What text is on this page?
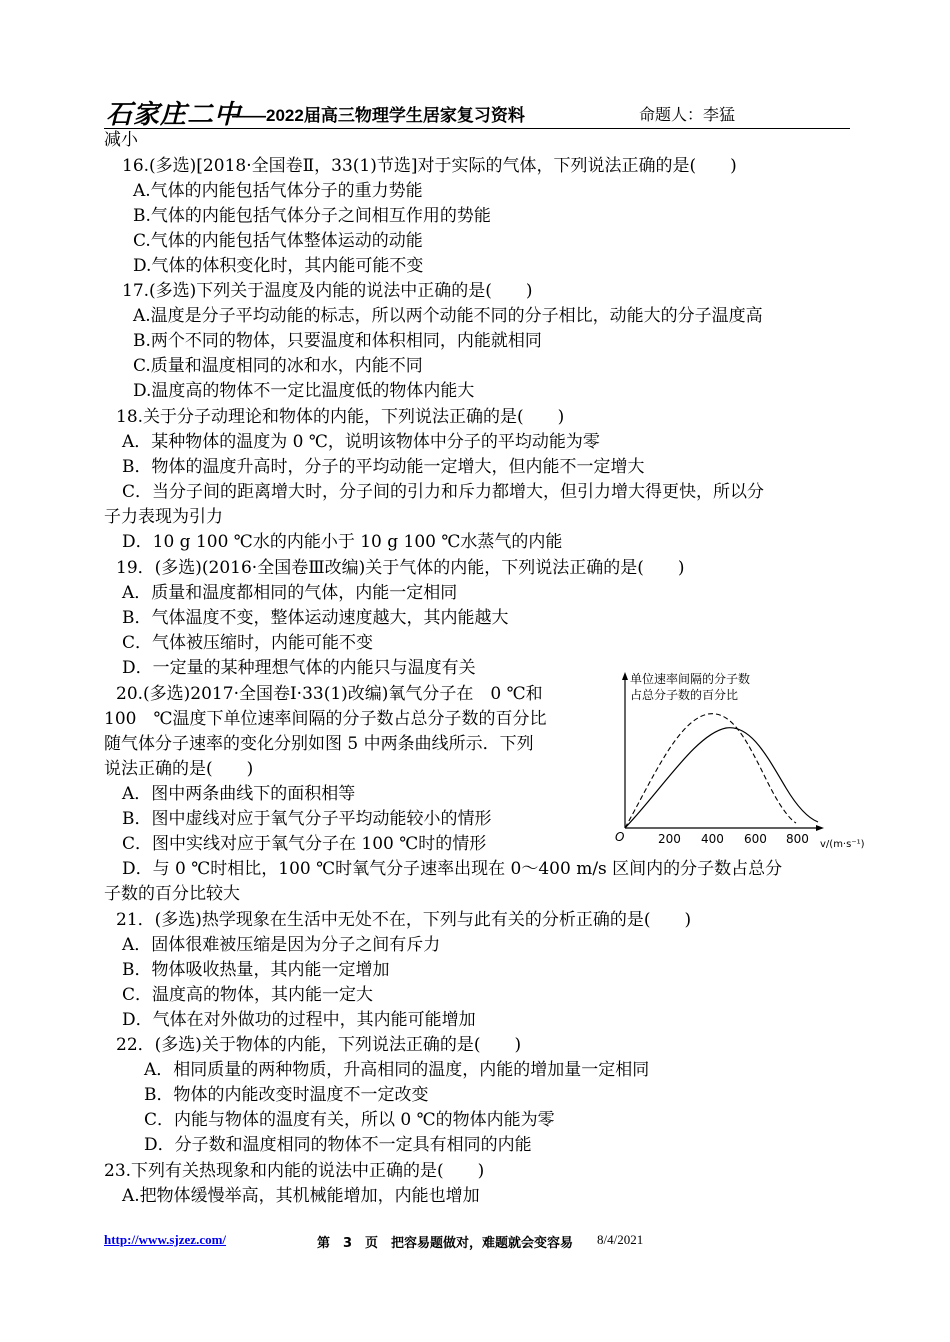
石家庄二中
——2022届高三物理学生居家复习资料	命题人：李猛
减小
16.(多选)[2018·全国卷Ⅱ，33(1)节选]对于实际的气体，下列说法正确的是(　　)
A.气体的内能包括气体分子的重力势能
B.气体的内能包括气体分子之间相互作用的势能
C.气体的内能包括气体整体运动的动能
D.气体的体积变化时，其内能可能不变
17.(多选)下列关于温度及内能的说法中正确的是(　　)
A.温度是分子平均动能的标志，所以两个动能不同的分子相比，动能大的分子温度高
B.两个不同的物体，只要温度和体积相同，内能就相同
C.质量和温度相同的冰和水，内能不同
D.温度高的物体不一定比温度低的物体内能大
18.关于分子动理论和物体的内能，下列说法正确的是(　　)
A．某种物体的温度为 0 ℃，说明该物体中分子的平均动能为零
B．物体的温度升高时，分子的平均动能一定增大，但内能不一定增大
C．当分子间的距离增大时，分子间的引力和斥力都增大，但引力增大得更快，所以分
子力表现为引力
D．10 g 100 ℃水的内能小于 10 g 100 ℃水蒸气的内能
19．(多选)(2016·全国卷Ⅲ改编)关于气体的内能，下列说法正确的是(　　)
A．质量和温度都相同的气体，内能一定相同
B．气体温度不变，整体运动速度越大，其内能越大
C．气体被压缩时，内能可能不变
D．一定量的某种理想气体的内能只与温度有关
20.(多选)2017·全国卷Ⅰ·33(1)改编)氧气分子在　0 ℃和
100　℃温度下单位速率间隔的分子数占总分子数的百分比
随气体分子速率的变化分别如图 5 中两条曲线所示．下列
说法正确的是(　　)
A．图中两条曲线下的面积相等
B．图中虚线对应于氧气分子平均动能较小的情形
C．图中实线对应于氧气分子在 100 ℃时的情形
D．与 0 ℃时相比，100 ℃时氧气分子速率出现在 0～400 m/s 区间内的分子数占总分
子数的百分比较大
21．(多选)热学现象在生活中无处不在，下列与此有关的分析正确的是(　　)
A．固体很难被压缩是因为分子之间有斥力
B．物体吸收热量，其内能一定增加
C．温度高的物体，其内能一定大
D．气体在对外做功的过程中，其内能可能增加
22．(多选)关于物体的内能，下列说法正确的是(　　)
A．相同质量的两种物质，升高相同的温度，内能的增加量一定相同
B．物体的内能改变时温度不一定改变
C．内能与物体的温度有关，所以 0 ℃的物体内能为零
D．分子数和温度相同的物体不一定具有相同的内能
23.下列有关热现象和内能的说法中正确的是(　　)
A.把物体缓慢举高，其机械能增加，内能也增加
单位速率间隔的分子数
占总分子数的百分比
O	200 400 600 800 v/(m·s⁻¹)
http://www.sjzez.com/	第　3　页　把容易题做对，难题就会变容易 8/4/2021
